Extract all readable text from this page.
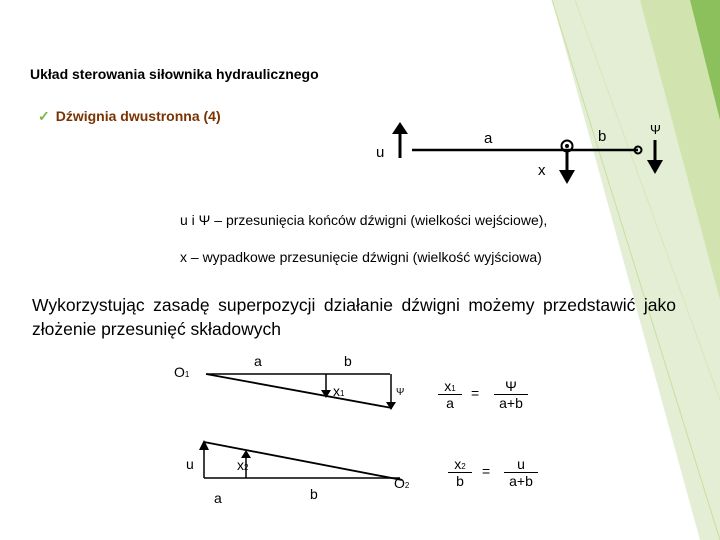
Układ sterowania siłownika hydraulicznego
✓ Dźwignia dwustronna (4)
u
a	b	Ψ
x
u i Ψ – przesunięcia końców dźwigni (wielkości wejściowe),
x – wypadkowe przesunięcie dźwigni (wielkość wyjściowa)
Wykorzystując zasadę superpozycji działanie dźwigni możemy przedstawić jako złożenie przesunięć składowych
O1
a	b
x1	Ψ $\frac{x1}{a} = \frac{\Psi}{a+b}$
u	x2
a	b
O2	$\frac{x2}{b} = \frac{u}{a+b}$
